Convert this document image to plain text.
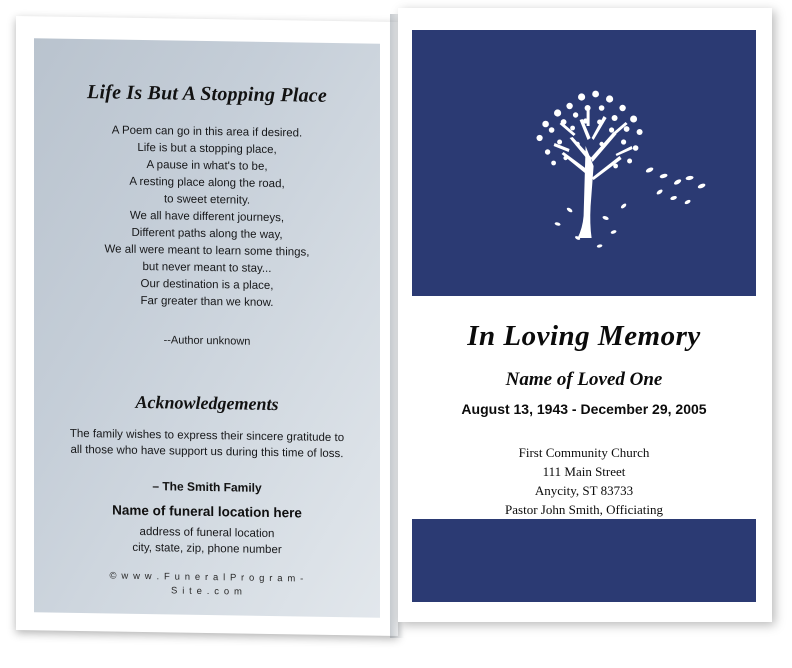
Life Is But A Stopping Place
A Poem can go in this area if desired.
Life is but a stopping place,
A pause in what's to be,
A resting place along the road,
to sweet eternity.
We all have different journeys,
Different paths along the way,
We all were meant to learn some things,
but never meant to stay...
Our destination is a place,
Far greater than we know.
--Author unknown
Acknowledgements
The family wishes to express their sincere gratitude to all those who have support us during this time of loss.
– The Smith Family
Name of funeral location here
address of funeral location
city, state, zip, phone number
© w w w . F u n e r a l P r o g r a m -
S i t e . c o m
In Loving Memory
Name of Loved One
August 13, 1943 - December 29, 2005
First Community Church
111 Main Street
Anycity, ST 83733
Pastor John Smith, Officiating
